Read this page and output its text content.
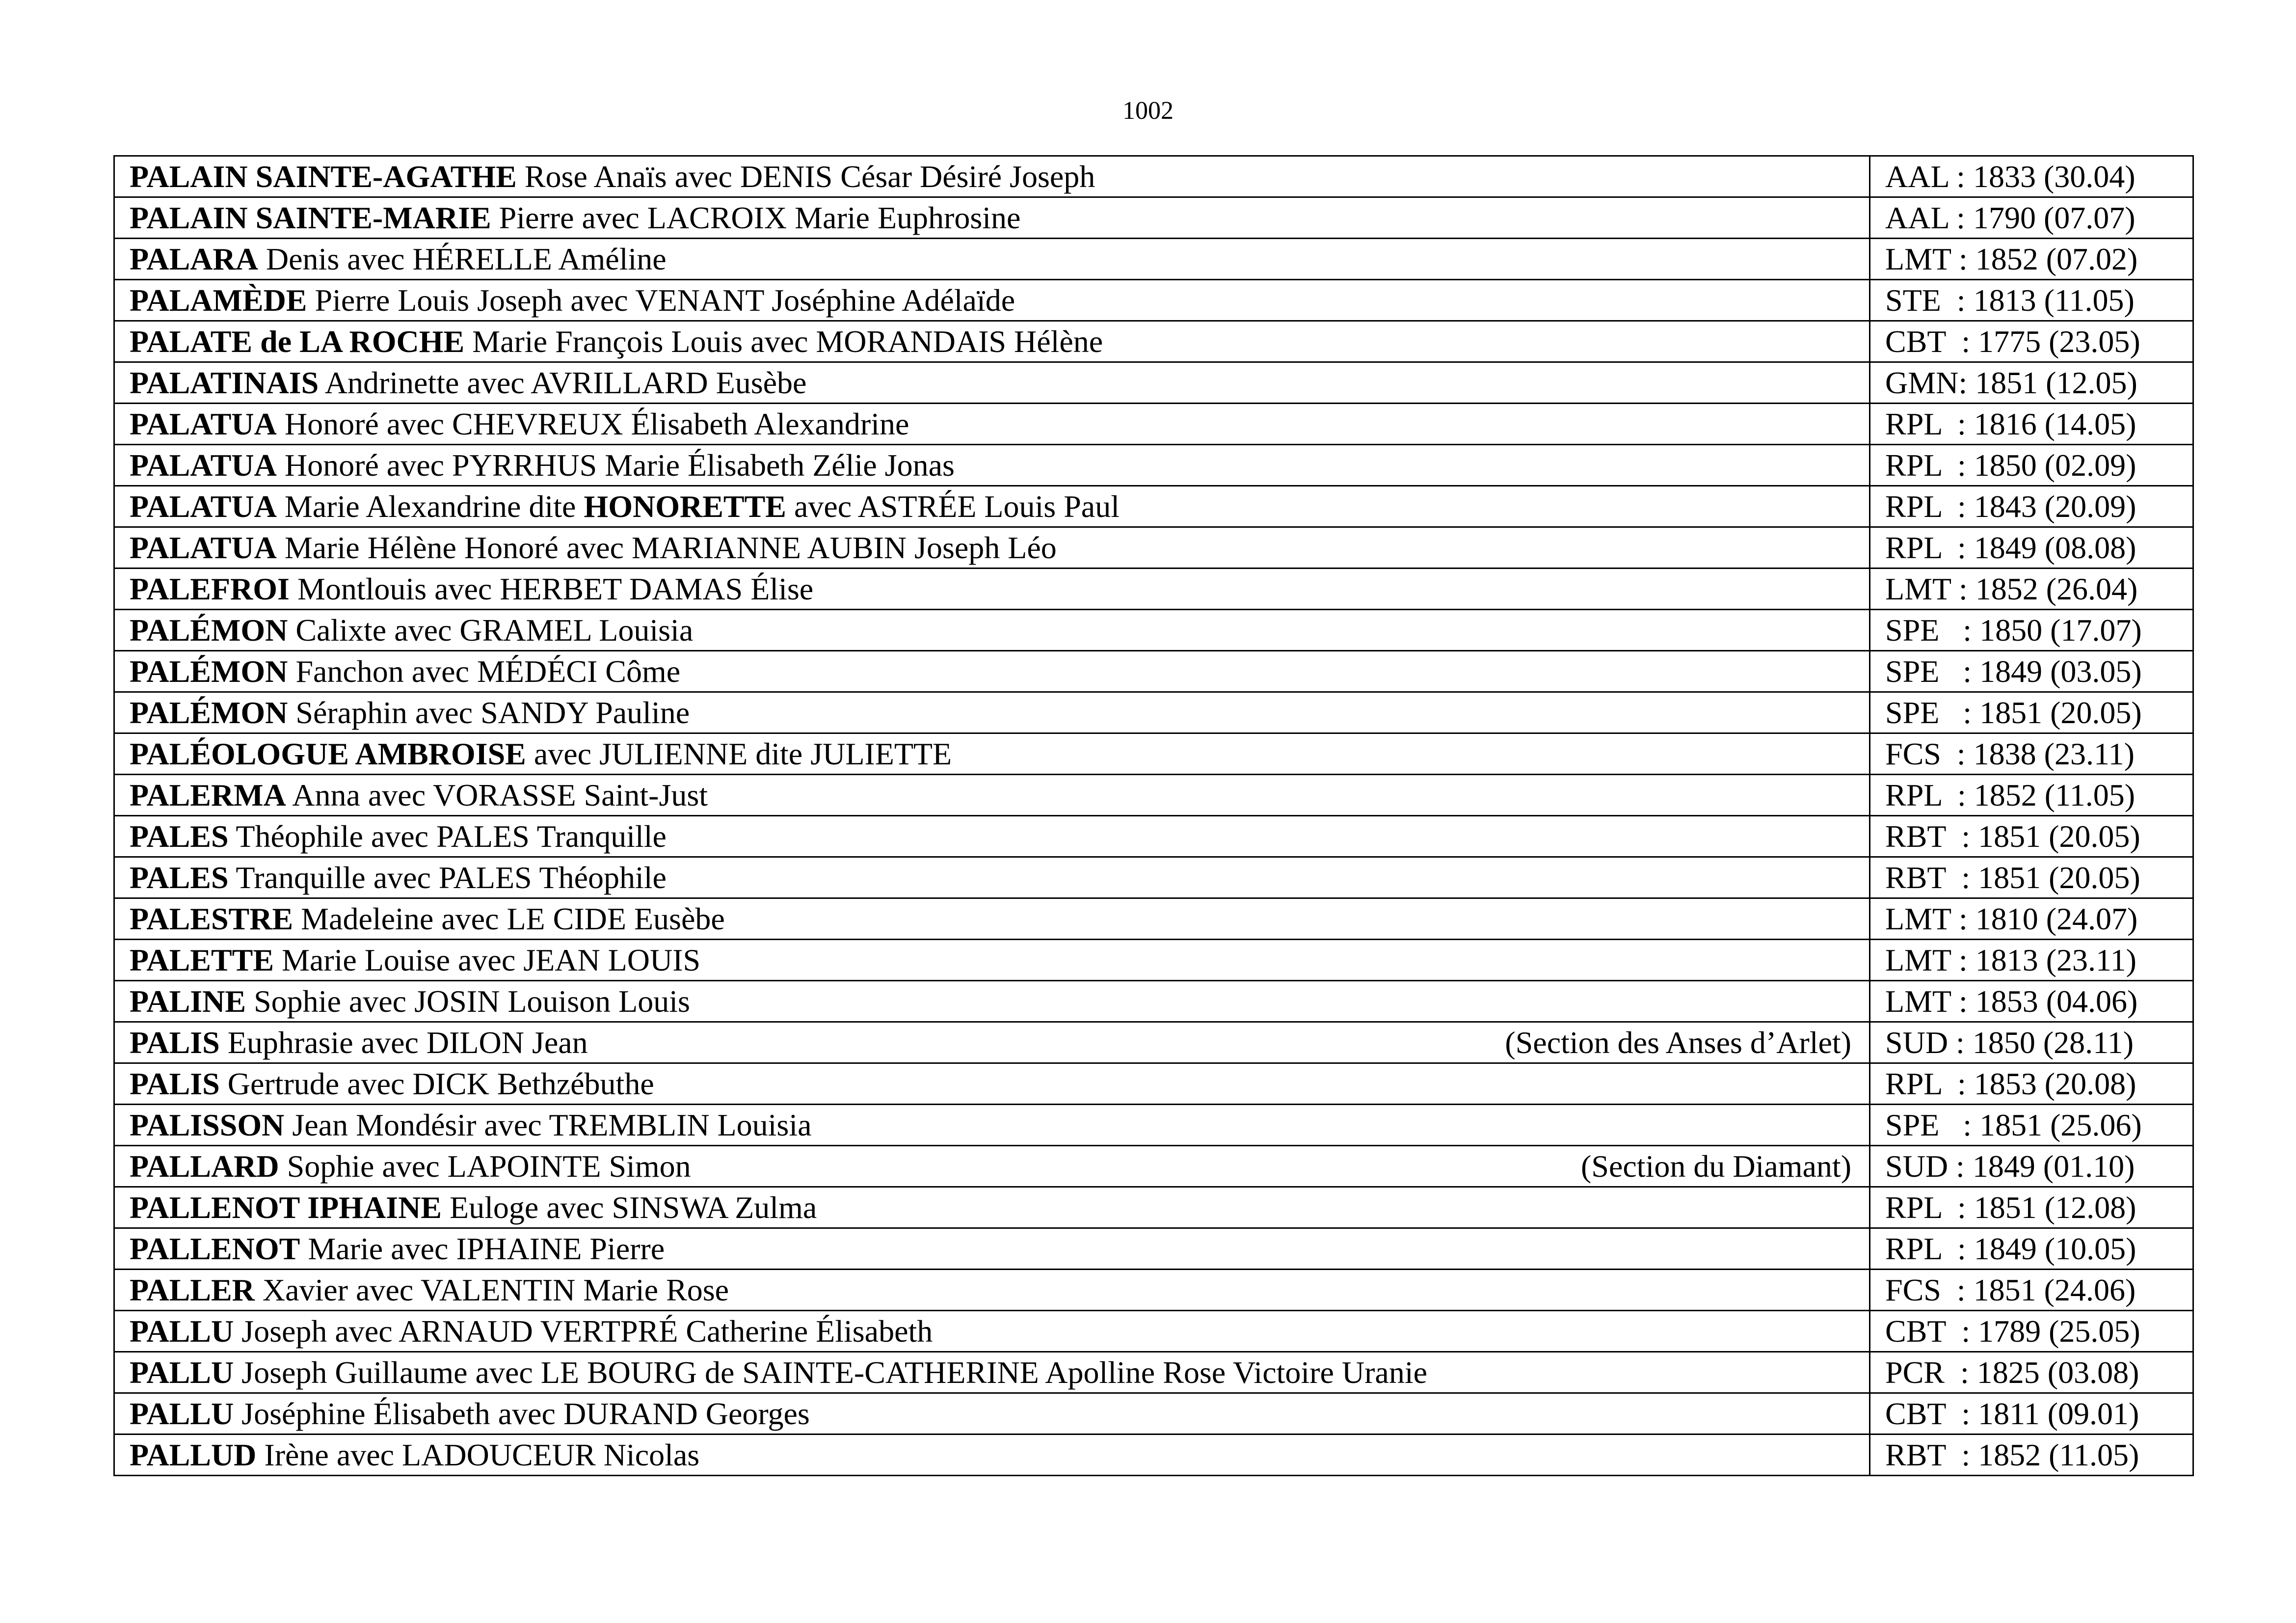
1002
PALAIN SAINTE-AGATHE Rose Anaïs avec DENIS César Désiré Joseph	AAL : 1833 (30.04)

PALAIN SAINTE-MARIE Pierre avec LACROIX Marie Euphrosine	AAL : 1790 (07.07)

PALARA Denis avec HÉRELLE Améline	LMT : 1852 (07.02)

PALAMÈDE Pierre Louis Joseph avec VENANT Joséphine Adélaïde	STE  : 1813 (11.05)

PALATE de LA ROCHE Marie François Louis avec MORANDAIS Hélène	CBT  : 1775 (23.05)

PALATINAIS Andrinette avec AVRILLARD Eusèbe	GMN: 1851 (12.05)

PALATUA Honoré avec CHEVREUX Élisabeth Alexandrine	RPL  : 1816 (14.05)

PALATUA Honoré avec PYRRHUS Marie Élisabeth Zélie Jonas	RPL  : 1850 (02.09)

PALATUA Marie Alexandrine dite HONORETTE avec ASTRÉE Louis Paul	RPL  : 1843 (20.09)

PALATUA Marie Hélène Honoré avec MARIANNE AUBIN Joseph Léo	RPL  : 1849 (08.08)

PALEFROI Montlouis avec HERBET DAMAS Élise	LMT : 1852 (26.04)

PALÉMON Calixte avec GRAMEL Louisia	SPE   : 1850 (17.07)

PALÉMON Fanchon avec MÉDÉCI Côme	SPE   : 1849 (03.05)

PALÉMON Séraphin avec SANDY Pauline	SPE   : 1851 (20.05)

PALÉOLOGUE AMBROISE avec JULIENNE dite JULIETTE	FCS  : 1838 (23.11)

PALERMA Anna avec VORASSE Saint-Just	RPL  : 1852 (11.05)

PALES Théophile avec PALES Tranquille	RBT  : 1851 (20.05)

PALES Tranquille avec PALES Théophile	RBT  : 1851 (20.05)

PALESTRE Madeleine avec LE CIDE Eusèbe	LMT : 1810 (24.07)

PALETTE Marie Louise avec JEAN LOUIS	LMT : 1813 (23.11)

PALINE Sophie avec JOSIN Louison Louis	LMT : 1853 (04.06)

PALIS Euphrasie avec DILON Jean (Section des Anses d’Arlet)	SUD : 1850 (28.11)

PALIS Gertrude avec DICK Bethzébuthe	RPL  : 1853 (20.08)

PALISSON Jean Mondésir avec TREMBLIN Louisia	SPE   : 1851 (25.06)

PALLARD Sophie avec LAPOINTE Simon (Section du Diamant)	SUD : 1849 (01.10)

PALLENOT IPHAINE Euloge avec SINSWA Zulma	RPL  : 1851 (12.08)

PALLENOT Marie avec IPHAINE Pierre	RPL  : 1849 (10.05)

PALLER Xavier avec VALENTIN Marie Rose	FCS  : 1851 (24.06)

PALLU Joseph avec ARNAUD VERTPRÉ Catherine Élisabeth	CBT  : 1789 (25.05)

PALLU Joseph Guillaume avec LE BOURG de SAINTE-CATHERINE Apolline Rose Victoire Uranie	PCR  : 1825 (03.08)

PALLU Joséphine Élisabeth avec DURAND Georges	CBT  : 1811 (09.01)

PALLUD Irène avec LADOUCEUR Nicolas	RBT  : 1852 (11.05)
